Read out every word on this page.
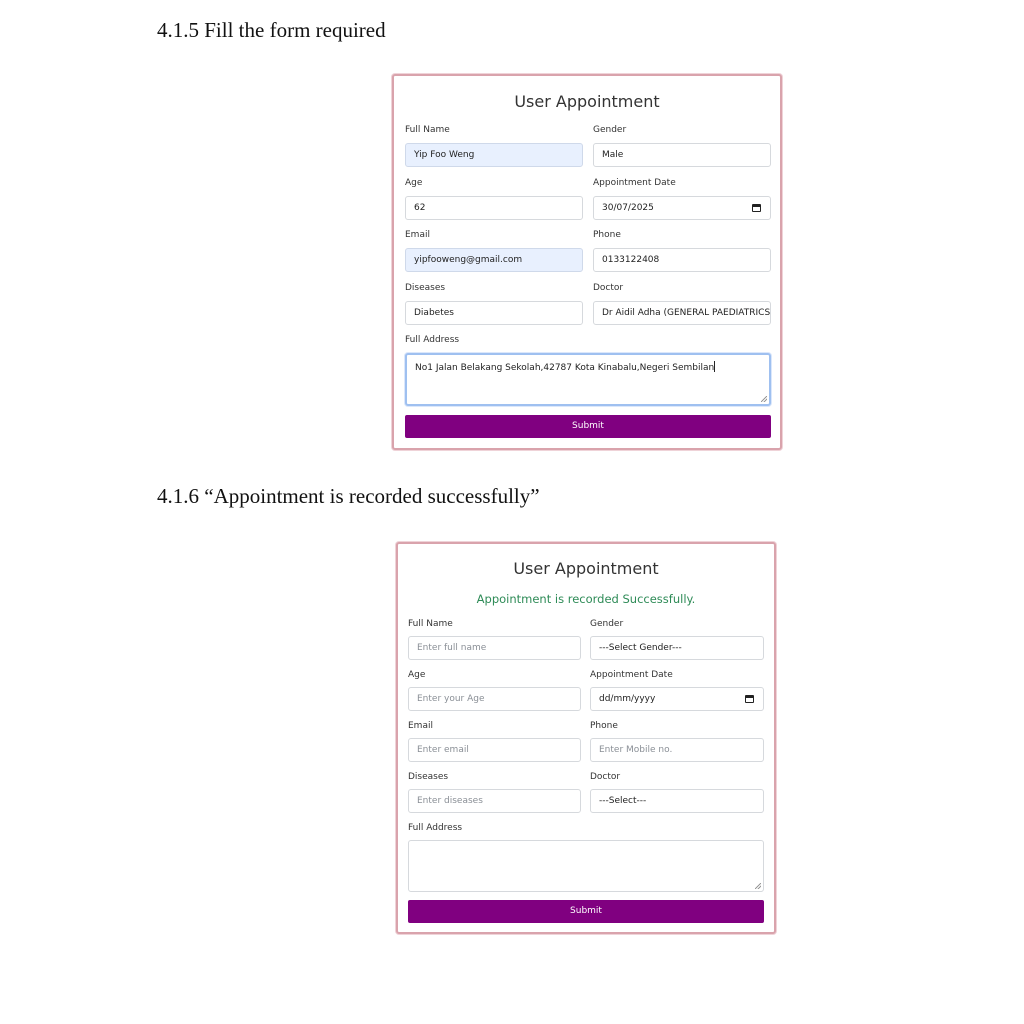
4.1.5 Fill the form required
User Appointment
Full Name
Yip Foo Weng
Gender
Male
Age
62
Appointment Date
30/07/2025
Email
yipfooweng@gmail.com
Phone
0133122408
Diseases
Diabetes
Doctor
Dr Aidil Adha (GENERAL PAEDIATRICS
Full Address
No1 Jalan Belakang Sekolah,42787 Kota Kinabalu,Negeri Sembilan
Submit
4.1.6 “Appointment is recorded successfully”
User Appointment
Appointment is recorded Successfully.
Full Name
Enter full name
Gender
---Select Gender---
Age
Enter your Age
Appointment Date
dd/mm/yyyy
Email
Enter email
Phone
Enter Mobile no.
Diseases
Enter diseases
Doctor
---Select---
Full Address
Submit
